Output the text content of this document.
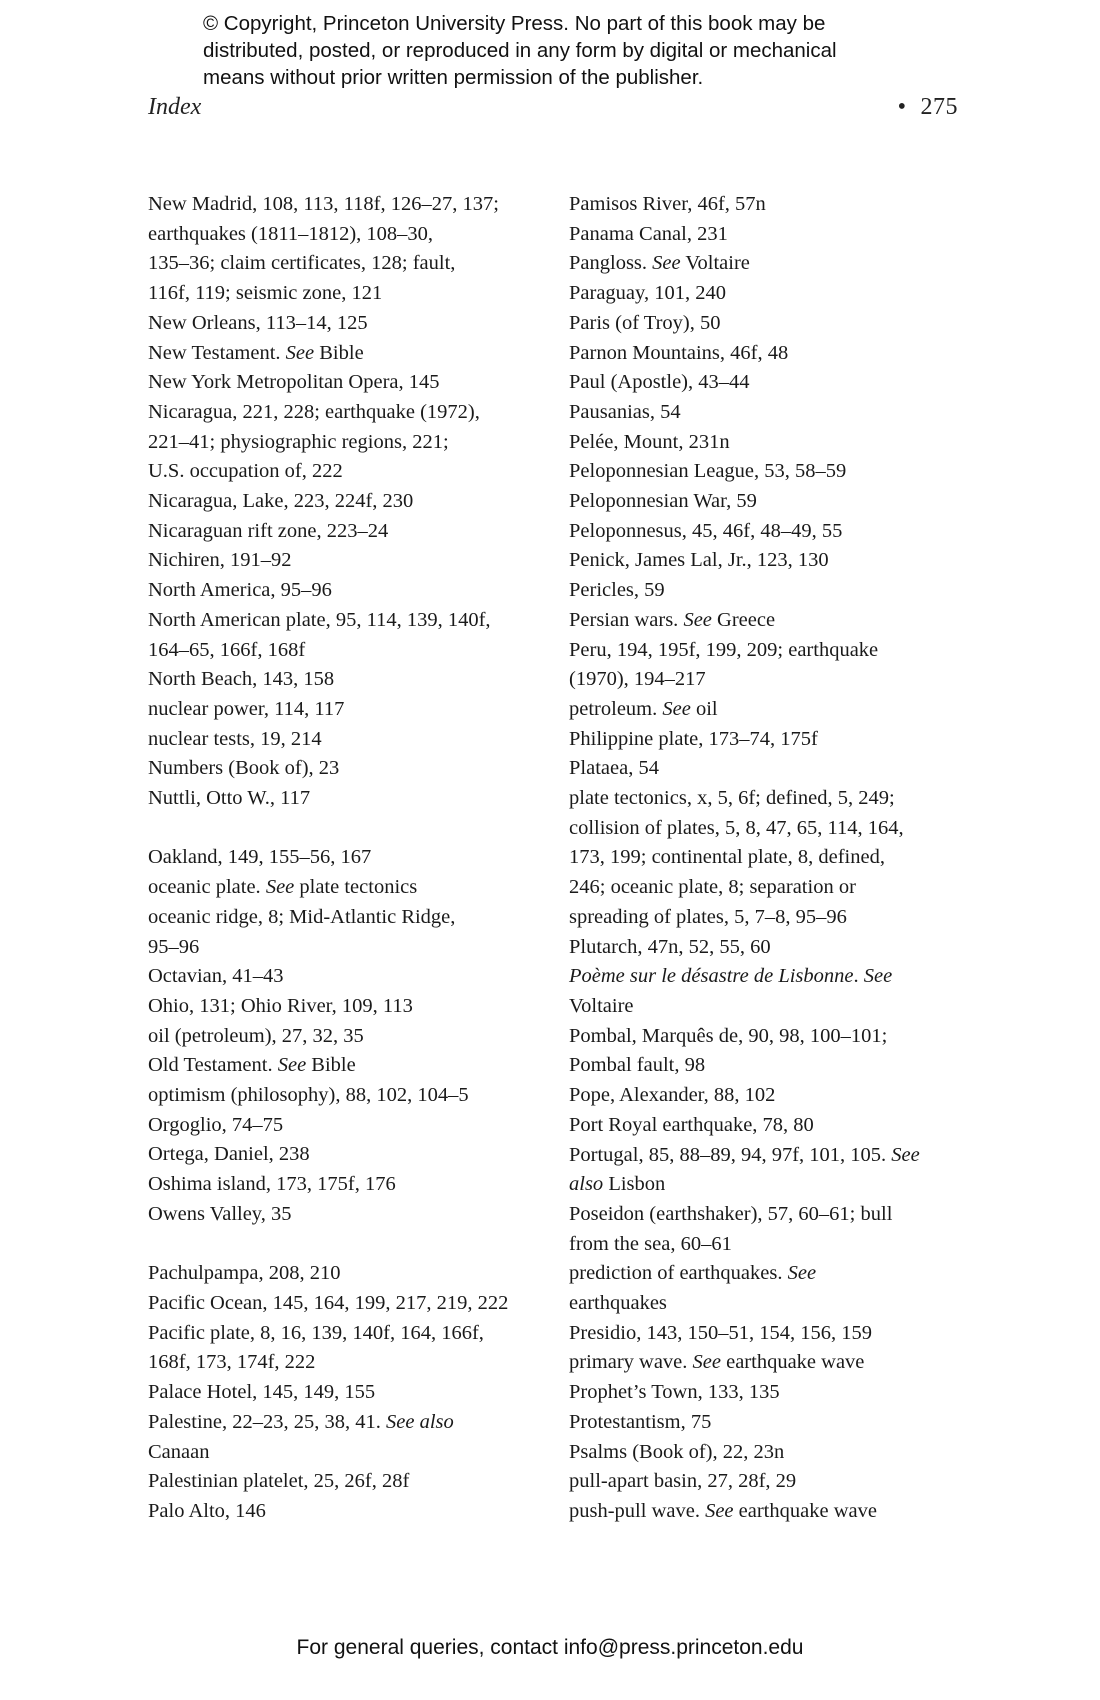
© Copyright, Princeton University Press. No part of this book may be
distributed, posted, or reproduced in any form by digital or mechanical
means without prior written permission of the publisher.
Index	• 275
New Madrid, 108, 113, 118f, 126–27, 137;
earthquakes (1811–1812), 108–30,
135–36; claim certificates, 128; fault,
116f, 119; seismic zone, 121
New Orleans, 113–14, 125
New Testament. See Bible
New York Metropolitan Opera, 145
Nicaragua, 221, 228; earthquake (1972),
221–41; physiographic regions, 221;
U.S. occupation of, 222
Nicaragua, Lake, 223, 224f, 230
Nicaraguan rift zone, 223–24
Nichiren, 191–92
North America, 95–96
North American plate, 95, 114, 139, 140f,
164–65, 166f, 168f
North Beach, 143, 158
nuclear power, 114, 117
nuclear tests, 19, 214
Numbers (Book of), 23
Nuttli, Otto W., 117
Oakland, 149, 155–56, 167
oceanic plate. See plate tectonics
oceanic ridge, 8; Mid-Atlantic Ridge,
95–96
Octavian, 41–43
Ohio, 131; Ohio River, 109, 113
oil (petroleum), 27, 32, 35
Old Testament. See Bible
optimism (philosophy), 88, 102, 104–5
Orgoglio, 74–75
Ortega, Daniel, 238
Oshima island, 173, 175f, 176
Owens Valley, 35
Pachulpampa, 208, 210
Pacific Ocean, 145, 164, 199, 217, 219, 222
Pacific plate, 8, 16, 139, 140f, 164, 166f,
168f, 173, 174f, 222
Palace Hotel, 145, 149, 155
Palestine, 22–23, 25, 38, 41. See also
Canaan
Palestinian platelet, 25, 26f, 28f
Palo Alto, 146
Pamisos River, 46f, 57n
Panama Canal, 231
Pangloss. See Voltaire
Paraguay, 101, 240
Paris (of Troy), 50
Parnon Mountains, 46f, 48
Paul (Apostle), 43–44
Pausanias, 54
Pelée, Mount, 231n
Peloponnesian League, 53, 58–59
Peloponnesian War, 59
Peloponnesus, 45, 46f, 48–49, 55
Penick, James Lal, Jr., 123, 130
Pericles, 59
Persian wars. See Greece
Peru, 194, 195f, 199, 209; earthquake
(1970), 194–217
petroleum. See oil
Philippine plate, 173–74, 175f
Plataea, 54
plate tectonics, x, 5, 6f; defined, 5, 249;
collision of plates, 5, 8, 47, 65, 114, 164,
173, 199; continental plate, 8, defined,
246; oceanic plate, 8; separation or
spreading of plates, 5, 7–8, 95–96
Plutarch, 47n, 52, 55, 60
Poème sur le désastre de Lisbonne. See
Voltaire
Pombal, Marquês de, 90, 98, 100–101;
Pombal fault, 98
Pope, Alexander, 88, 102
Port Royal earthquake, 78, 80
Portugal, 85, 88–89, 94, 97f, 101, 105. See
also Lisbon
Poseidon (earthshaker), 57, 60–61; bull
from the sea, 60–61
prediction of earthquakes. See
earthquakes
Presidio, 143, 150–51, 154, 156, 159
primary wave. See earthquake wave
Prophet’s Town, 133, 135
Protestantism, 75
Psalms (Book of), 22, 23n
pull-apart basin, 27, 28f, 29
push-pull wave. See earthquake wave
For general queries, contact info@press.princeton.edu
